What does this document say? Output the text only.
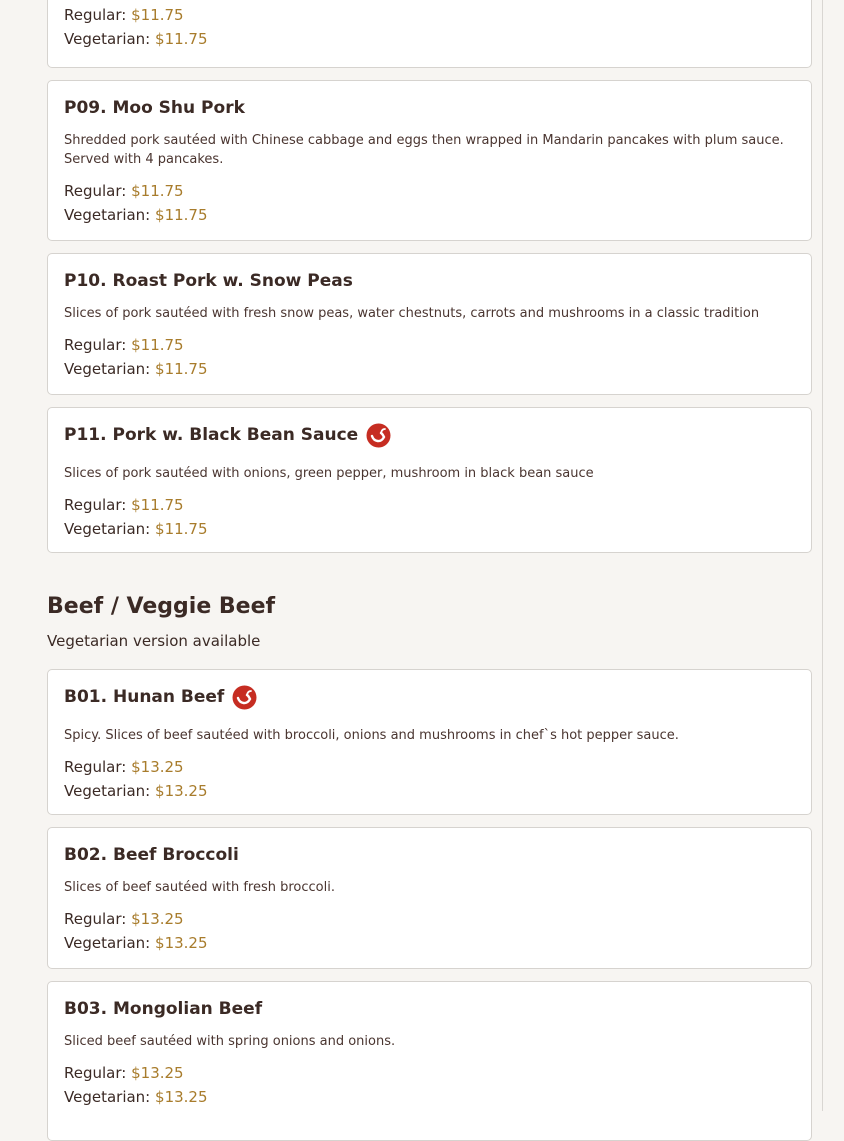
Regular: $11.75
Vegetarian: $11.75
P09. Moo Shu Pork
Shredded pork sautéed with Chinese cabbage and eggs then wrapped in Mandarin pancakes with plum sauce. Served with 4 pancakes.
Regular: $11.75
Vegetarian: $11.75
P10. Roast Pork w. Snow Peas
Slices of pork sautéed with fresh snow peas, water chestnuts, carrots and mushrooms in a classic tradition
Regular: $11.75
Vegetarian: $11.75
P11. Pork w. Black Bean Sauce
Slices of pork sautéed with onions, green pepper, mushroom in black bean sauce
Regular: $11.75
Vegetarian: $11.75
Beef / Veggie Beef
Vegetarian version available
B01. Hunan Beef
Spicy. Slices of beef sautéed with broccoli, onions and mushrooms in chef`s hot pepper sauce.
Regular: $13.25
Vegetarian: $13.25
B02. Beef Broccoli
Slices of beef sautéed with fresh broccoli.
Regular: $13.25
Vegetarian: $13.25
B03. Mongolian Beef
Sliced beef sautéed with spring onions and onions.
Regular: $13.25
Vegetarian: $13.25
